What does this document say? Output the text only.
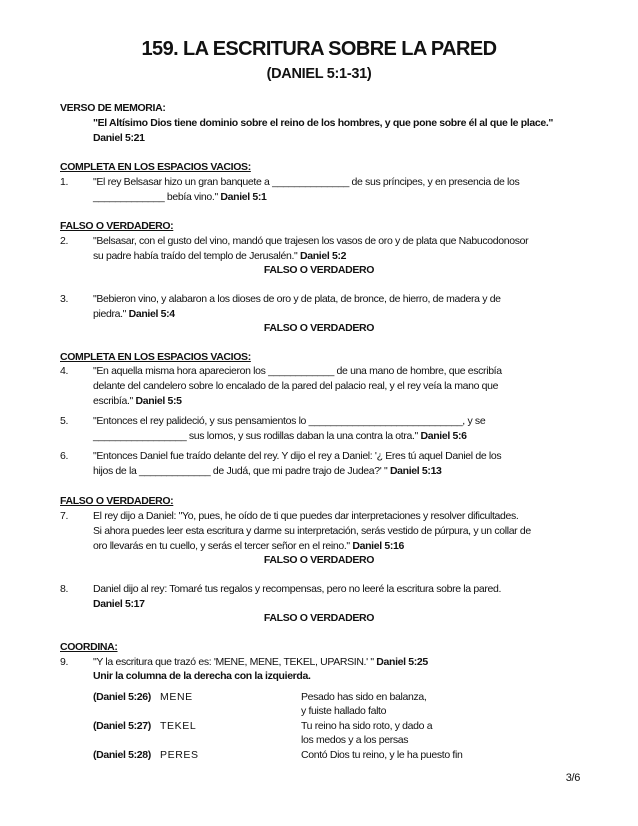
159. LA ESCRITURA SOBRE LA PARED
(DANIEL 5:1-31)
VERSO DE MEMORIA:
"El Altísimo Dios tiene dominio sobre el reino de los hombres, y que pone sobre él al que le place."
Daniel 5:21
COMPLETA EN LOS ESPACIOS VACIOS:
1. "El rey Belsasar hizo un gran banquete a ______________ de sus príncipes, y en presencia de los
_____________ bebía vino." Daniel 5:1
FALSO O VERDADERO:
2. "Belsasar, con el gusto del vino, mandó que trajesen los vasos de oro y de plata que Nabucodonosor
su padre había traído del templo de Jerusalén." Daniel 5:2
FALSO O VERDADERO
3. "Bebieron vino, y alabaron a los dioses de oro y de plata, de bronce, de hierro, de madera y de
piedra." Daniel 5:4
FALSO O VERDADERO
COMPLETA EN LOS ESPACIOS VACIOS:
4. "En aquella misma hora aparecieron los ____________ de una mano de hombre, que escribía
delante del candelero sobre lo encalado de la pared del palacio real, y el rey veía la mano que
escribía." Daniel 5:5
5. "Entonces el rey palideció, y sus pensamientos lo ____________________________, y se
_________________ sus lomos, y sus rodillas daban la una contra la otra." Daniel 5:6
6. "Entonces Daniel fue traído delante del rey. Y dijo el rey a Daniel: '¿ Eres tú aquel Daniel de los
hijos de la _____________ de Judá, que mi padre trajo de Judea?' " Daniel 5:13
FALSO O VERDADERO:
7. El rey dijo a Daniel: "Yo, pues, he oído de ti que puedes dar interpretaciones y resolver dificultades.
Si ahora puedes leer esta escritura y darme su interpretación, serás vestido de púrpura, y un collar de
oro llevarás en tu cuello, y serás el tercer señor en el reino." Daniel 5:16
FALSO O VERDADERO
8. Daniel dijo al rey: Tomaré tus regalos y recompensas, pero no leeré la escritura sobre la pared.
Daniel 5:17
FALSO O VERDADERO
COORDINA:
9. "Y la escritura que trazó es: 'MENE, MENE, TEKEL, UPARSIN.' " Daniel 5:25
Unir la columna de la derecha con la izquierda.
(Daniel 5:26) MENE	Pesado has sido en balanza,
y fuiste hallado falto
(Daniel 5:27) TEKEL	Tu reino ha sido roto, y dado a
los medos y a los persas
(Daniel 5:28) PERES	Contó Dios tu reino, y le ha puesto fin
3/6
